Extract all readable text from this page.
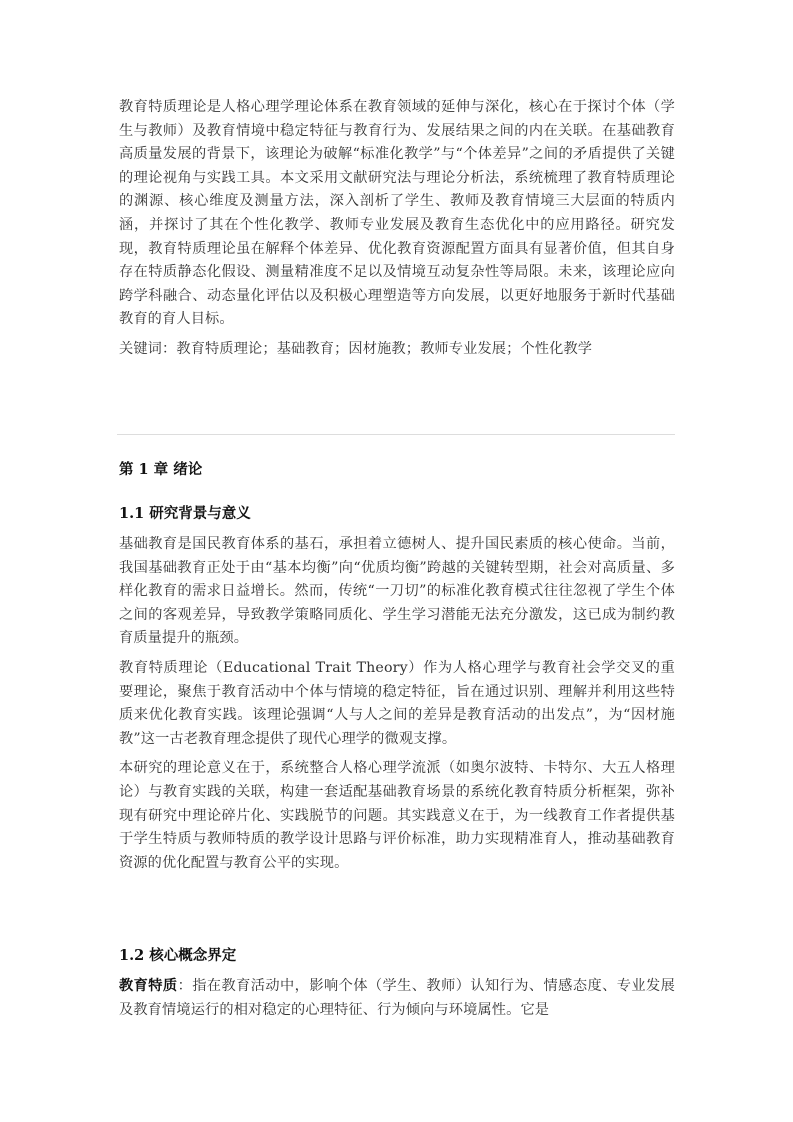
教育特质理论是人格心理学理论体系在教育领域的延伸与深化，核心在于探讨个体（学生与教师）及教育情境中稳定特征与教育行为、发展结果之间的内在关联。在基础教育高质量发展的背景下，该理论为破解“标准化教学”与“个体差异”之间的矛盾提供了关键的理论视角与实践工具。本文采用文献研究法与理论分析法，系统梳理了教育特质理论的渊源、核心维度及测量方法，深入剖析了学生、教师及教育情境三大层面的特质内涵，并探讨了其在个性化教学、教师专业发展及教育生态优化中的应用路径。研究发现，教育特质理论虽在解释个体差异、优化教育资源配置方面具有显著价值，但其自身存在特质静态化假设、测量精准度不足以及情境互动复杂性等局限。未来，该理论应向跨学科融合、动态量化评估以及积极心理塑造等方向发展，以更好地服务于新时代基础教育的育人目标。

关键词：教育特质理论；基础教育；因材施教；教师专业发展；个性化教学

第 1 章 绪论
1.1 研究背景与意义

基础教育是国民教育体系的基石，承担着立德树人、提升国民素质的核心使命。当前，我国基础教育正处于由“基本均衡”向“优质均衡”跨越的关键转型期，社会对高质量、多样化教育的需求日益增长。然而，传统“一刀切”的标准化教育模式往往忽视了学生个体之间的客观差异，导致教学策略同质化、学生学习潜能无法充分激发，这已成为制约教育质量提升的瓶颈。

教育特质理论（Educational Trait Theory）作为人格心理学与教育社会学交叉的重要理论，聚焦于教育活动中个体与情境的稳定特征，旨在通过识别、理解并利用这些特质来优化教育实践。该理论强调“人与人之间的差异是教育活动的出发点”，为“因材施教”这一古老教育理念提供了现代心理学的微观支撑。

本研究的理论意义在于，系统整合人格心理学流派（如奥尔波特、卡特尔、大五人格理论）与教育实践的关联，构建一套适配基础教育场景的系统化教育特质分析框架，弥补现有研究中理论碎片化、实践脱节的问题。其实践意义在于，为一线教育工作者提供基于学生特质与教师特质的教学设计思路与评价标准，助力实现精准育人，推动基础教育资源的优化配置与教育公平的实现。

1.2 核心概念界定

教育特质：指在教育活动中，影响个体（学生、教师）认知行为、情感态度、专业发展及教育情境运行的相对稳定的心理特征、行为倾向与环境属性。它是
